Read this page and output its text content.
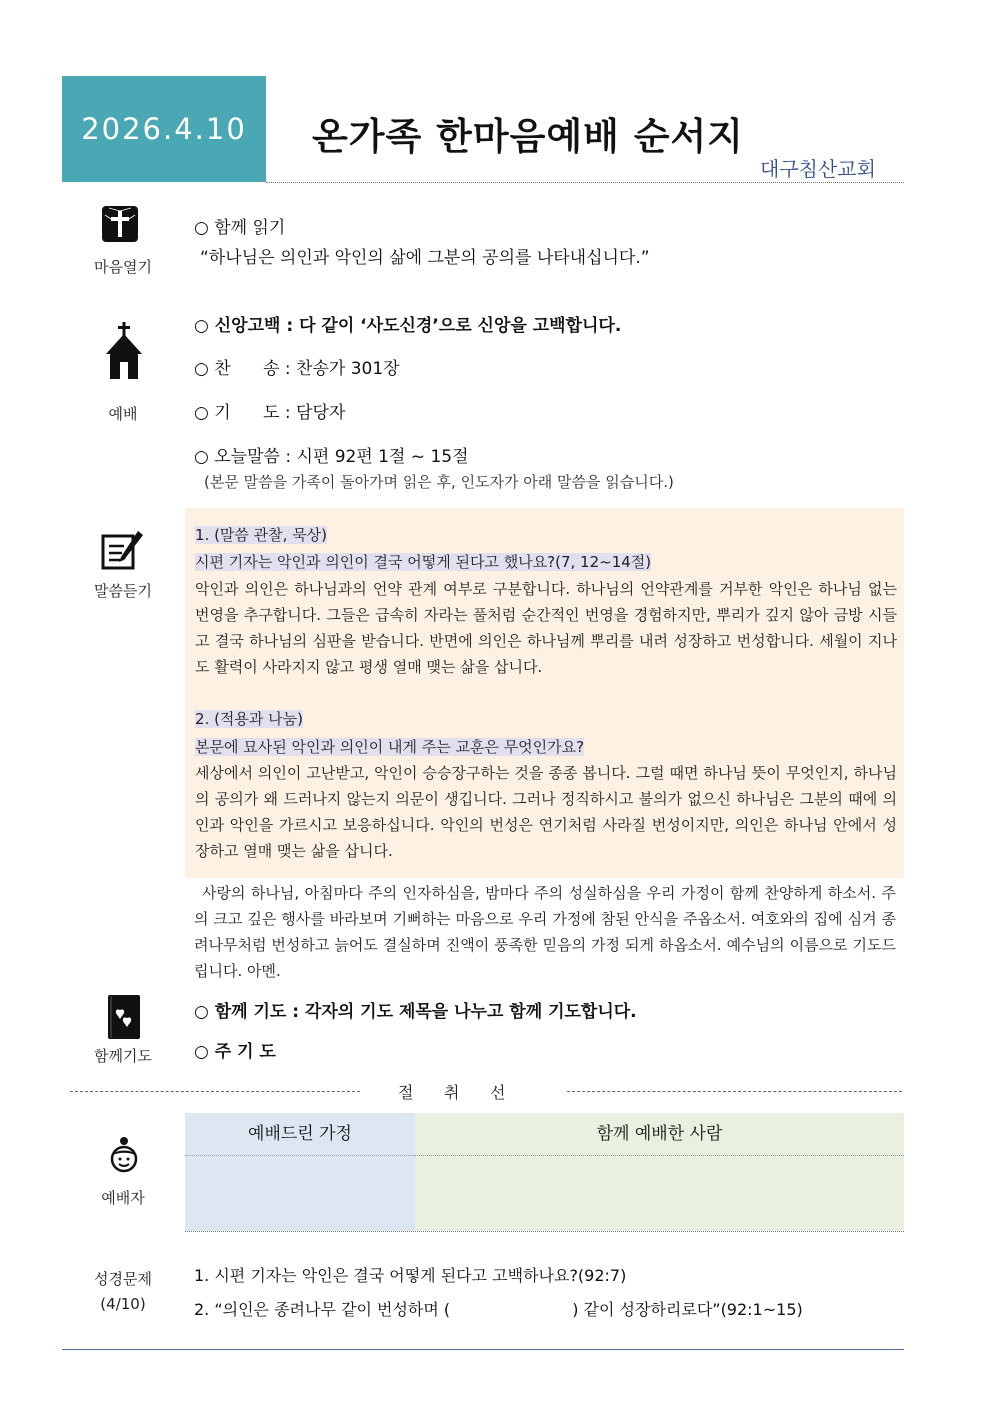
2026.4.10 온가족 한마음예배 순서지
대구침산교회
마음열기
○ 함께 읽기
“하나님은 의인과 악인의 삶에 그분의 공의를 나타내십니다.”
예배
○ 신앙고백 : 다 같이 ‘사도신경’으로 신앙을 고백합니다.
○ 찬      송 : 찬송가 301장
○ 기      도 : 담당자
○ 오늘말씀 : 시편 92편 1절 ~ 15절
(본문 말씀을 가족이 돌아가며 읽은 후, 인도자가 아래 말씀을 읽습니다.)
말씀듣기
1. (말씀 관찰, 묵상)
시편 기자는 악인과 의인이 결국 어떻게 된다고 했나요?(7, 12~14절)
악인과 의인은 하나님과의 언약 관계 여부로 구분합니다. 하나님의 언약관계를 거부한 악인은 하나님 없는 번영을 추구합니다. 그들은 급속히 자라는 풀처럼 순간적인 번영을 경험하지만, 뿌리가 깊지 않아 금방 시들고 결국 하나님의 심판을 받습니다. 반면에 의인은 하나님께 뿌리를 내려 성장하고 번성합니다. 세월이 지나도 활력이 사라지지 않고 평생 열매 맺는 삶을 삽니다.
2. (적용과 나눔)
본문에 묘사된 악인과 의인이 내게 주는 교훈은 무엇인가요?
세상에서 의인이 고난받고, 악인이 승승장구하는 것을 종종 봅니다. 그럴 때면 하나님 뜻이 무엇인지, 하나님의 공의가 왜 드러나지 않는지 의문이 생깁니다. 그러나 정직하시고 불의가 없으신 하나님은 그분의 때에 의인과 악인을 가르시고 보응하십니다. 악인의 번성은 연기처럼 사라질 번성이지만, 의인은 하나님 안에서 성장하고 열매 맺는 삶을 삽니다.
사랑의 하나님, 아침마다 주의 인자하심을, 밤마다 주의 성실하심을 우리 가정이 함께 찬양하게 하소서. 주의 크고 깊은 행사를 바라보며 기뻐하는 마음으로 우리 가정에 참된 안식을 주옵소서. 여호와의 집에 심겨 종려나무처럼 번성하고 늙어도 결실하며 진액이 풍족한 믿음의 가정 되게 하옵소서. 예수님의 이름으로 기도드립니다. 아멘.
함께기도
○ 함께 기도 : 각자의 기도 제목을 나누고 함께 기도합니다.
○ 주 기 도
절      취      선
예배자
예배드린 가정	함께 예배한 사람
성경문제
(4/10)
1. 시편 기자는 악인은 결국 어떻게 된다고 고백하나요?(92:7)
2. “의인은 종려나무 같이 번성하며 (                        ) 같이 성장하리로다”(92:1~15)
